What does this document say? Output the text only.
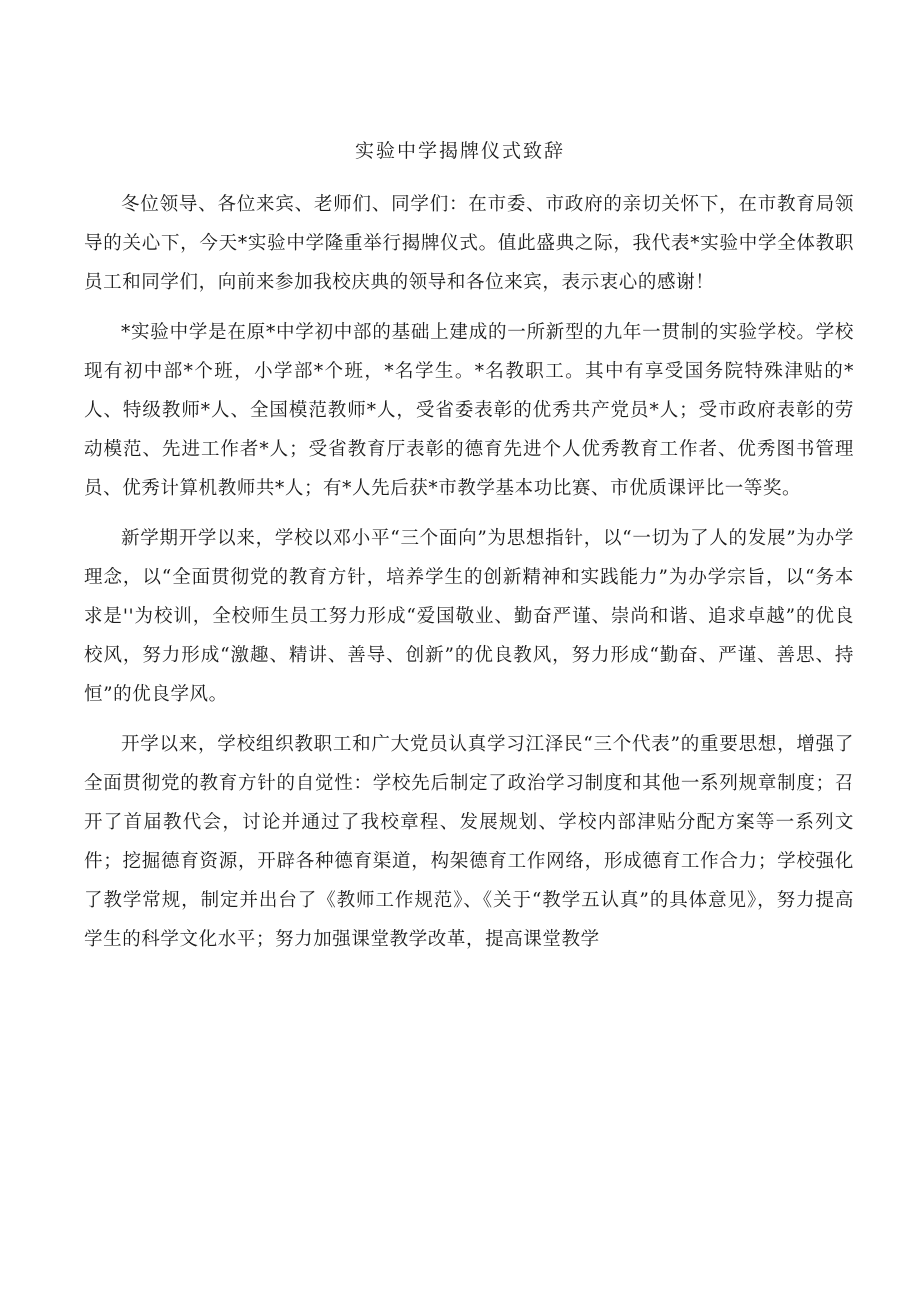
实验中学揭牌仪式致辞

冬位领导、各位来宾、老师们、同学们：在市委、市政府的亲切关怀下，在市教育局领导的关心下，今天*实验中学隆重举行揭牌仪式。值此盛典之际，我代表*实验中学全体教职员工和同学们，向前来参加我校庆典的领导和各位来宾，表示衷心的感谢！

*实验中学是在原*中学初中部的基础上建成的一所新型的九年一贯制的实验学校。学校现有初中部*个班，小学部*个班，*名学生。*名教职工。其中有享受国务院特殊津贴的*人、特级教师*人、全国模范教师*人，受省委表彰的优秀共产党员*人；受市政府表彰的劳动模范、先进工作者*人；受省教育厅表彰的德育先进个人优秀教育工作者、优秀图书管理员、优秀计算机教师共*人；有*人先后获*市教学基本功比赛、市优质课评比一等奖。

新学期开学以来，学校以邓小平“三个面向”为思想指针，以“一切为了人的发展”为办学理念，以“全面贯彻党的教育方针，培养学生的创新精神和实践能力”为办学宗旨，以“务本求是''为校训，全校师生员工努力形成“爱国敬业、勤奋严谨、崇尚和谐、追求卓越”的优良校风，努力形成“激趣、精讲、善导、创新”的优良教风，努力形成“勤奋、严谨、善思、持恒”的优良学风。

开学以来，学校组织教职工和广大党员认真学习江泽民“三个代表”的重要思想，增强了全面贯彻党的教育方针的自觉性：学校先后制定了政治学习制度和其他一系列规章制度；召开了首届教代会，讨论并通过了我校章程、发展规划、学校内部津贴分配方案等一系列文件；挖掘德育资源，开辟各种德育渠道，构架德育工作网络，形成德育工作合力；学校强化了教学常规，制定并出台了《教师工作规范》、《关于“教学五认真”的具体意见》，努力提高学生的科学文化水平；努力加强课堂教学改革，提高课堂教学
